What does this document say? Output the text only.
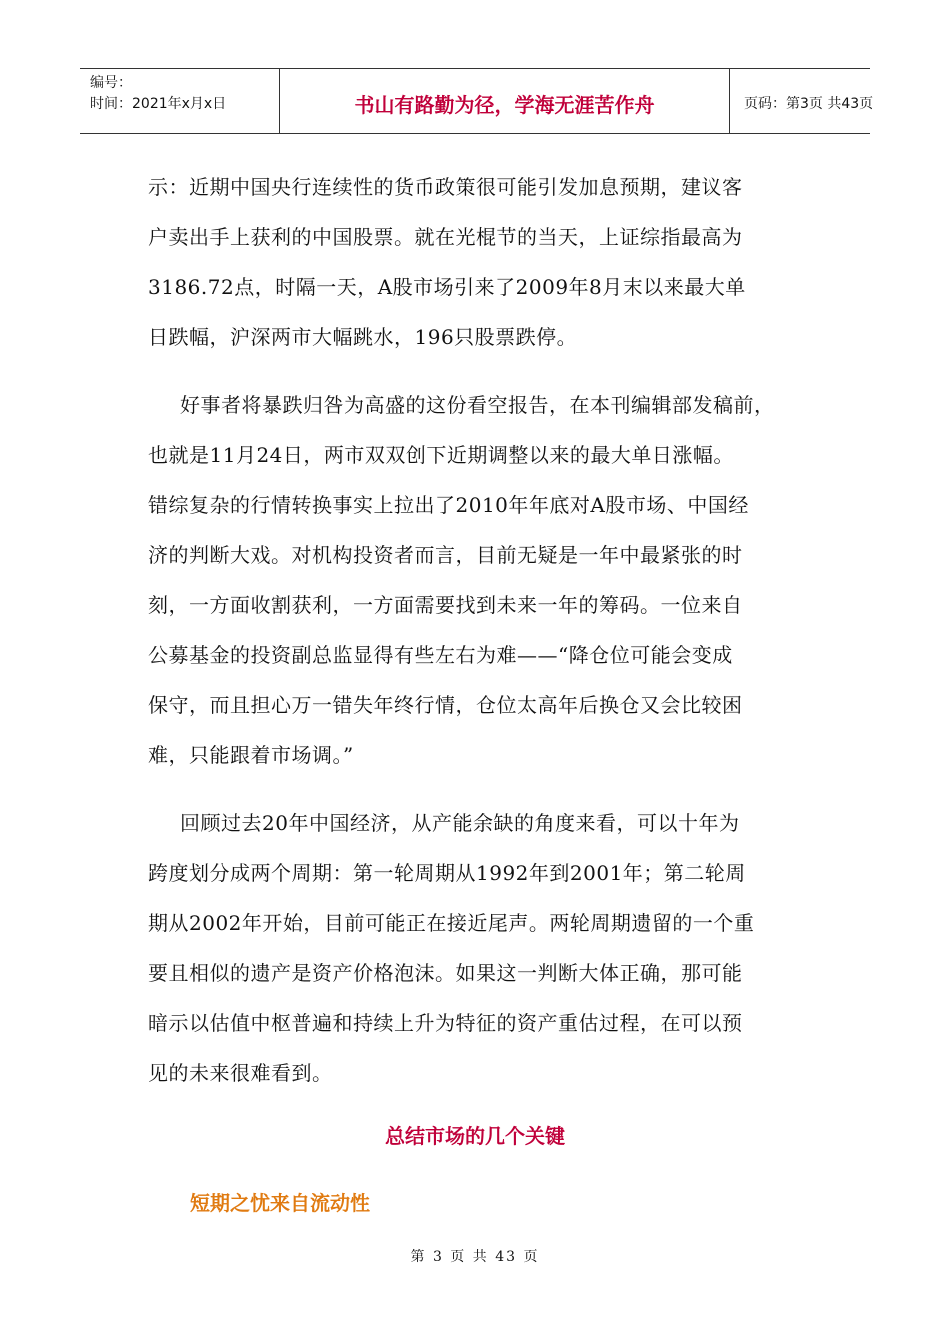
编号：
时间：2021年x月x日	书山有路勤为径，学海无涯苦作舟	页码：第3页 共43页
示：近期中国央行连续性的货币政策很可能引发加息预期，建议客
户卖出手上获利的中国股票。就在光棍节的当天，上证综指最高为
3186.72点，时隔一天，A股市场引来了2009年8月末以来最大单
日跌幅，沪深两市大幅跳水，196只股票跌停。
好事者将暴跌归咎为高盛的这份看空报告，在本刊编辑部发稿前，
也就是11月24日，两市双双创下近期调整以来的最大单日涨幅。
错综复杂的行情转换事实上拉出了2010年年底对A股市场、中国经
济的判断大戏。对机构投资者而言，目前无疑是一年中最紧张的时
刻，一方面收割获利，一方面需要找到未来一年的筹码。一位来自
公募基金的投资副总监显得有些左右为难——“降仓位可能会变成
保守，而且担心万一错失年终行情，仓位太高年后换仓又会比较困
难，只能跟着市场调。”
回顾过去20年中国经济，从产能余缺的角度来看，可以十年为
跨度划分成两个周期：第一轮周期从1992年到2001年；第二轮周
期从2002年开始，目前可能正在接近尾声。两轮周期遗留的一个重
要且相似的遗产是资产价格泡沫。如果这一判断大体正确，那可能
暗示以估值中枢普遍和持续上升为特征的资产重估过程，在可以预
见的未来很难看到。
总结市场的几个关键
短期之忧来自流动性
第 3 页 共 43 页
